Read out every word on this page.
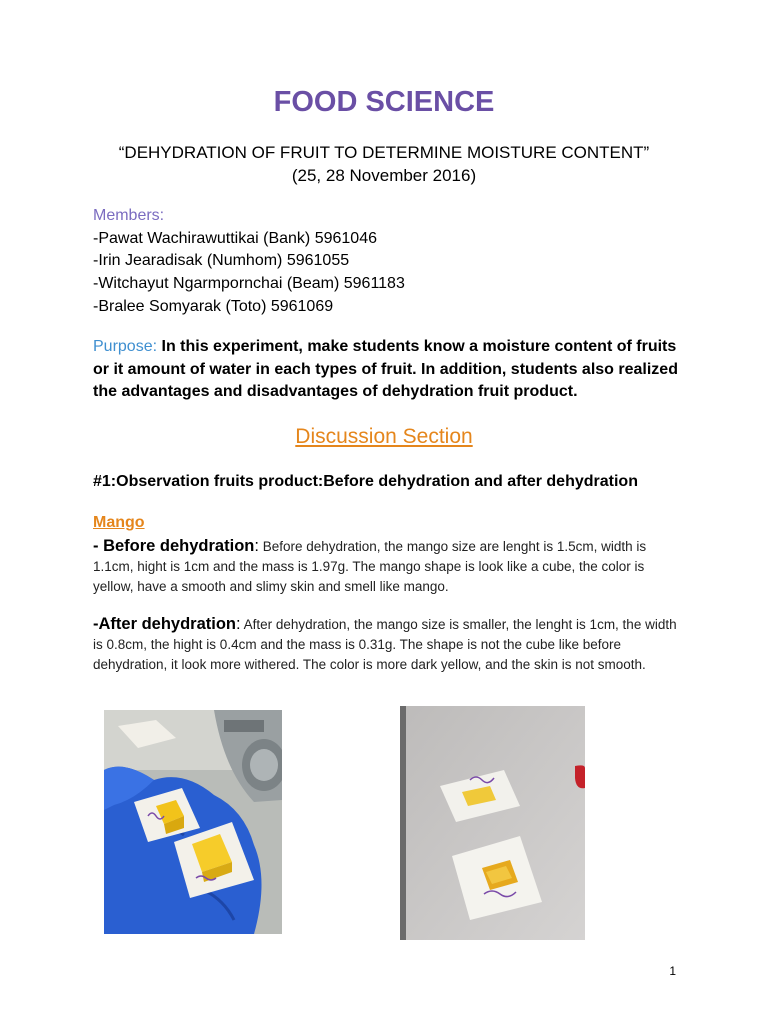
FOOD SCIENCE

“DEHYDRATION OF FRUIT TO DETERMINE MOISTURE CONTENT”

(25, 28 November 2016)

Members:

-Pawat Wachirawuttikai (Bank) 5961046

-Irin Jearadisak (Numhom) 5961055

-Witchayut Ngarmpornchai (Beam) 5961183

-Bralee Somyarak (Toto) 5961069

Purpose: In this experiment, make students know a moisture content of fruits or it amount of water in each types of fruit. In addition, students also realized the advantages and disadvantages of dehydration fruit product.

Discussion Section

#1:Observation fruits product:Before dehydration and after dehydration

Mango

- Before dehydration: Before dehydration, the mango size are lenght is 1.5cm, width is 1.1cm, hight is 1cm and the mass is 1.97g. The mango shape is look like a cube, the color is yellow, have a smooth and slimy skin and smell like mango.

-After dehydration: After dehydration, the mango size is smaller, the lenght is 1cm, the width is 0.8cm, the hight is 0.4cm and the mass is 0.31g. The shape is not the cube like before dehydration, it look more withered. The color is more dark yellow, and the skin is not smooth.

1
